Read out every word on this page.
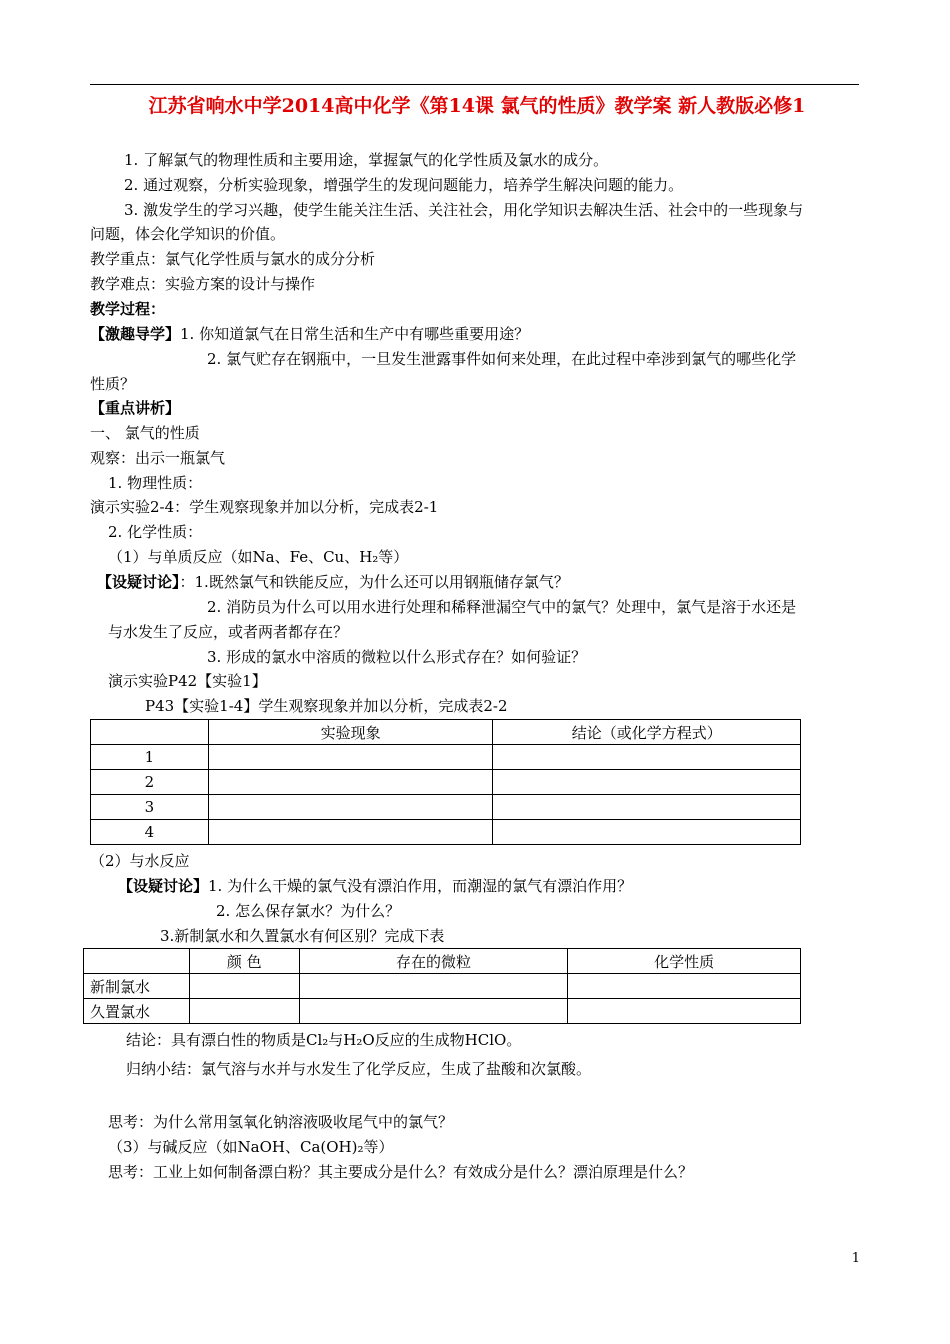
江苏省响水中学2014高中化学《第14课 氯气的性质》教学案 新人教版必修1
1. 了解氯气的物理性质和主要用途，掌握氯气的化学性质及氯水的成分。
2. 通过观察，分析实验现象，增强学生的发现问题能力，培养学生解决问题的能力。
3. 激发学生的学习兴趣，使学生能关注生活、关注社会，用化学知识去解决生活、社会中的一些现象与
问题，体会化学知识的价值。
教学重点：氯气化学性质与氯水的成分分析
教学难点：实验方案的设计与操作
教学过程：
【激趣导学】1. 你知道氯气在日常生活和生产中有哪些重要用途？
2. 氯气贮存在钢瓶中，一旦发生泄露事件如何来处理，在此过程中牵涉到氯气的哪些化学
性质？
【重点讲析】
一、 氯气的性质
观察：出示一瓶氯气
1. 物理性质：
演示实验2-4：学生观察现象并加以分析，完成表2-1
2. 化学性质：
（1）与单质反应（如Na、Fe、Cu、H₂等）
【设疑讨论】：1.既然氯气和铁能反应，为什么还可以用钢瓶储存氯气？
2. 消防员为什么可以用水进行处理和稀释泄漏空气中的氯气？处理中，氯气是溶于水还是
与水发生了反应，或者两者都存在？
3. 形成的氯水中溶质的微粒以什么形式存在？如何验证？
演示实验P42【实验1】
P43【实验1-4】学生观察现象并加以分析，完成表2-2
	实验现象	结论（或化学方程式）
1		
2		
3		
4		
（2）与水反应
【设疑讨论】1. 为什么干燥的氯气没有漂泊作用，而潮湿的氯气有漂泊作用？
2. 怎么保存氯水？为什么？
3.新制氯水和久置氯水有何区别？完成下表
	颜 色	存在的微粒	化学性质
新制氯水			
久置氯水			
结论：具有漂白性的物质是Cl₂与H₂O反应的生成物HClO。
归纳小结：氯气溶与水并与水发生了化学反应，生成了盐酸和次氯酸。
思考：为什么常用氢氧化钠溶液吸收尾气中的氯气？
（3）与碱反应（如NaOH、Ca(OH)₂等）
思考：工业上如何制备漂白粉？其主要成分是什么？有效成分是什么？漂泊原理是什么？
1
